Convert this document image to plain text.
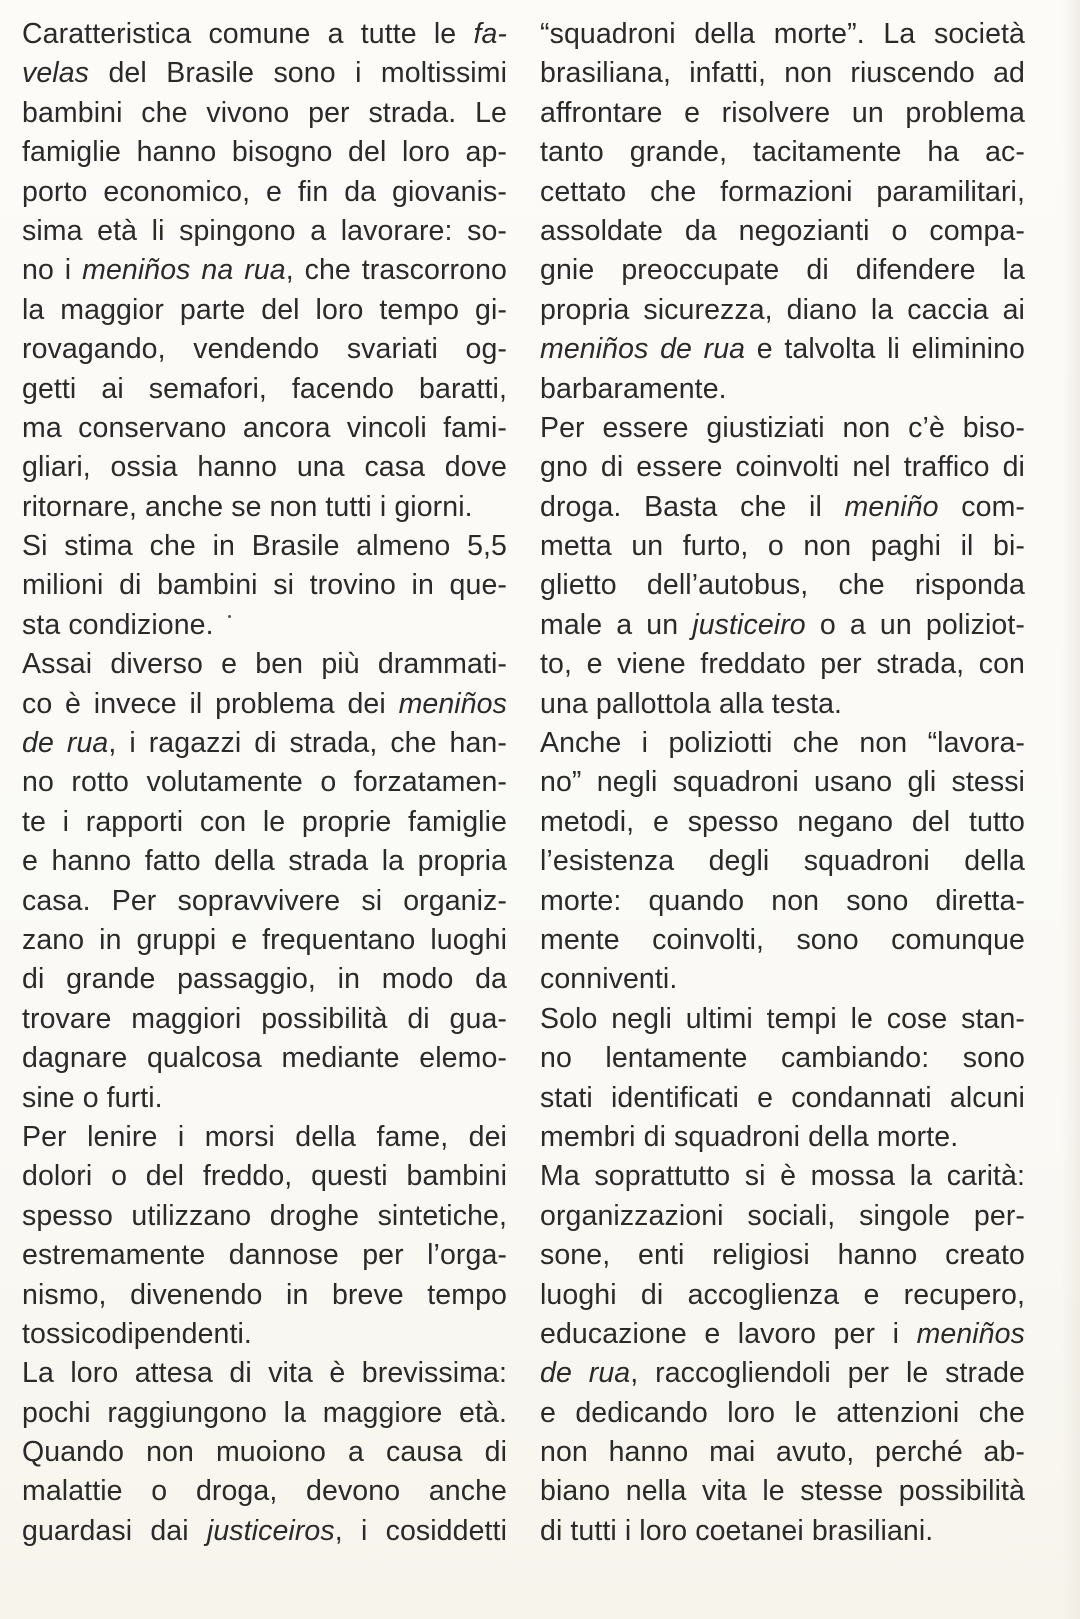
Caratteristica comune a tutte le fa-
velas del Brasile sono i moltissimi
bambini che vivono per strada. Le
famiglie hanno bisogno del loro ap-
porto economico, e fin da giovanis-
sima età li spingono a lavorare: so-
no i meniños na rua, che trascorrono
la maggior parte del loro tempo gi-
rovagando, vendendo svariati og-
getti ai semafori, facendo baratti,
ma conservano ancora vincoli fami-
gliari, ossia hanno una casa dove
ritornare, anche se non tutti i giorni.
Si stima che in Brasile almeno 5,5
milioni di bambini si trovino in que-
sta condizione.
Assai diverso e ben più drammati-
co è invece il problema dei meniños
de rua, i ragazzi di strada, che han-
no rotto volutamente o forzatamen-
te i rapporti con le proprie famiglie
e hanno fatto della strada la propria
casa. Per sopravvivere si organiz-
zano in gruppi e frequentano luoghi
di grande passaggio, in modo da
trovare maggiori possibilità di gua-
dagnare qualcosa mediante elemo-
sine o furti.
Per lenire i morsi della fame, dei
dolori o del freddo, questi bambini
spesso utilizzano droghe sintetiche,
estremamente dannose per l’orga-
nismo, divenendo in breve tempo
tossicodipendenti.
La loro attesa di vita è brevissima:
pochi raggiungono la maggiore età.
Quando non muoiono a causa di
malattie o droga, devono anche
guardasi dai justiceiros, i cosiddetti
“squadroni della morte”. La società
brasiliana, infatti, non riuscendo ad
affrontare e risolvere un problema
tanto grande, tacitamente ha ac-
cettato che formazioni paramilitari,
assoldate da negozianti o compa-
gnie preoccupate di difendere la
propria sicurezza, diano la caccia ai
meniños de rua e talvolta li eliminino
barbaramente.
Per essere giustiziati non c’è biso-
gno di essere coinvolti nel traffico di
droga. Basta che il meniño com-
metta un furto, o non paghi il bi-
glietto dell’autobus, che risponda
male a un justiceiro o a un poliziot-
to, e viene freddato per strada, con
una pallottola alla testa.
Anche i poliziotti che non “lavora-
no” negli squadroni usano gli stessi
metodi, e spesso negano del tutto
l’esistenza degli squadroni della
morte: quando non sono diretta-
mente coinvolti, sono comunque
conniventi.
Solo negli ultimi tempi le cose stan-
no lentamente cambiando: sono
stati identificati e condannati alcuni
membri di squadroni della morte.
Ma soprattutto si è mossa la carità:
organizzazioni sociali, singole per-
sone, enti religiosi hanno creato
luoghi di accoglienza e recupero,
educazione e lavoro per i meniños
de rua, raccogliendoli per le strade
e dedicando loro le attenzioni che
non hanno mai avuto, perché ab-
biano nella vita le stesse possibilità
di tutti i loro coetanei brasiliani.
